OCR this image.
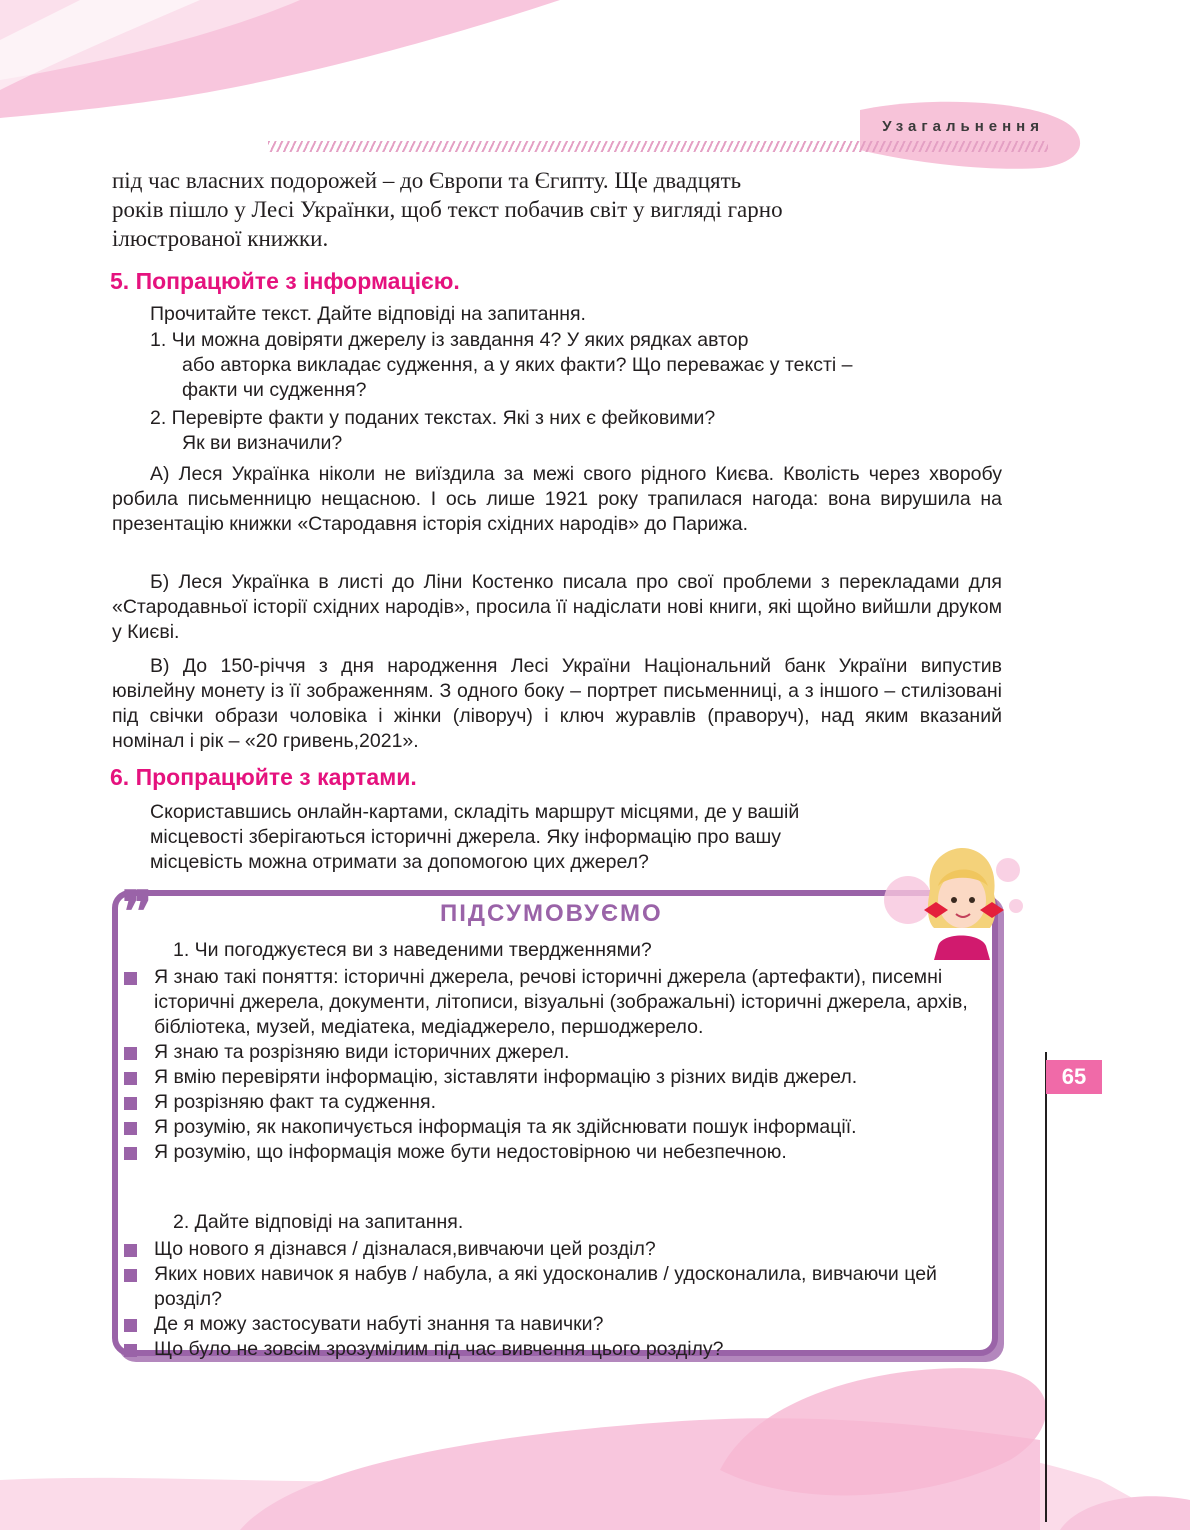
Узагальнення

під час власних подорожей – до Європи та Єгипту. Ще двадцять

років пішло у Лесі Українки, щоб текст побачив світ у вигляді гарно

ілюстрованої книжки.

5. Попрацюйте з інформацією.
Прочитайте текст. Дайте відповіді на запитання.

1. Чи можна довіряти джерелу із завдання 4? У яких рядках автор

або авторка викладає судження, а у яких факти? Що переважає у тексті –

факти чи судження?

2. Перевірте факти у поданих текстах. Які з них є фейковими?

Як ви визначили?

А) Леся Українка ніколи не виїздила за межі свого рідного Києва. Кволість через хворобу робила письменницю нещасною. І ось лише 1921 року трапилася нагода: вона вирушила на презентацію книжки «Стародавня історія східних народів» до Парижа.

Б) Леся Українка в листі до Ліни Костенко писала про свої проблеми з перекладами для «Стародавньої історії східних народів», просила її надіслати нові книги, які щойно вийшли друком у Києві.

В) До 150-річчя з дня народження Лесі України Національний банк України випустив ювілейну монету із її зображенням. З одного боку – портрет письменниці, а з іншого – стилізовані під свічки образи чоловіка і жінки (ліворуч) і ключ журавлів (праворуч), над яким вказаний номінал і рік – «20 гривень,2021».

6. Пропрацюйте з картами.

Скориставшись онлайн-картами, складіть маршрут місцями, де у вашій

місцевості зберігаються історичні джерела. Яку інформацію про вашу

місцевість можна отримати за допомогою цих джерел?

❞	ПІДСУМОВУЄМО
1. Чи погоджуєтеся ви з наведеними твердженнями?
Я знаю такі поняття: історичні джерела, речові історичні джерела (артефакти), писемні історичні джерела, документи, літописи, візуальні (зображальні) історичні джерела, архів, бібліотека, музей, медіатека, медіаджерело, першоджерело.
Я знаю та розрізняю види історичних джерел.
Я вмію перевіряти інформацію, зіставляти інформацію з різних видів джерел.
Я розрізняю факт та судження.
Я розумію, як накопичується інформація та як здійснювати пошук інформації.
Я розумію, що інформація може бути недостовірною чи небезпечною.
2. Дайте відповіді на запитання.
Що нового я дізнався / дізналася,вивчаючи цей розділ?
Яких нових навичок я набув / набула, а які удосконалив / удосконалила, вивчаючи цей розділ?
Де я можу застосувати набуті знання та навички?
Що було не зовсім зрозумілим під час вивчення цього розділу?
65
